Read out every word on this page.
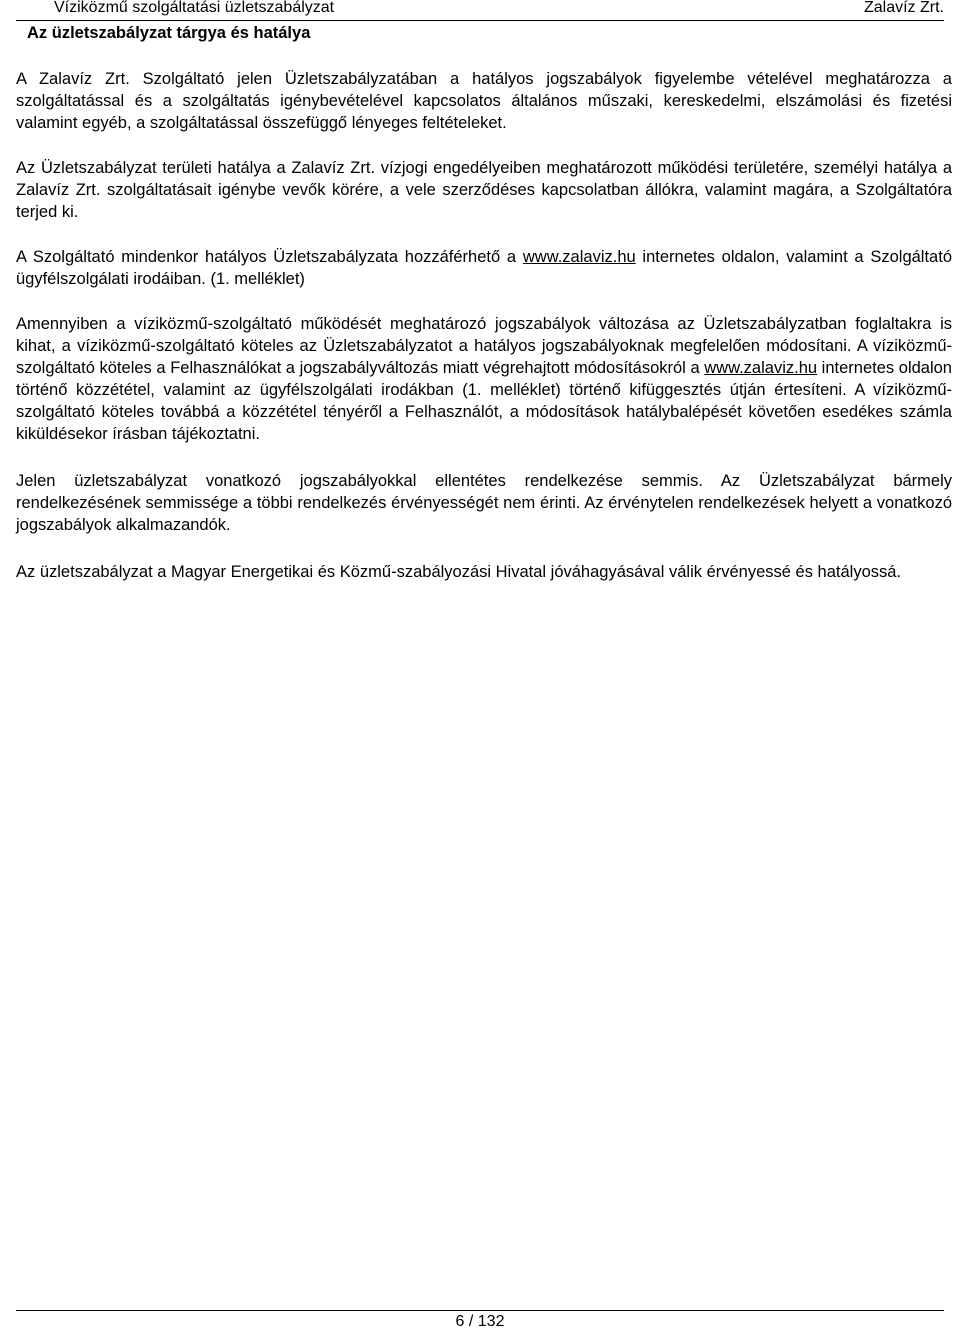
Víziközmű szolgáltatási üzletszabályzat	Zalavíz Zrt.
Az üzletszabályzat tárgya és hatálya

A Zalavíz Zrt. Szolgáltató jelen Üzletszabályzatában a hatályos jogszabályok figyelembe vételével meghatározza a szolgáltatással és a szolgáltatás igénybevételével kapcsolatos általános műszaki, kereskedelmi, elszámolási és fizetési valamint egyéb, a szolgáltatással összefüggő lényeges feltételeket.

Az Üzletszabályzat területi hatálya a Zalavíz Zrt. vízjogi engedélyeiben meghatározott működési területére, személyi hatálya a Zalavíz Zrt. szolgáltatásait igénybe vevők körére, a vele szerződéses kapcsolatban állókra, valamint magára, a Szolgáltatóra terjed ki.

A Szolgáltató mindenkor hatályos Üzletszabályzata hozzáférhető a www.zalaviz.hu internetes oldalon, valamint a Szolgáltató ügyfélszolgálati irodáiban. (1. melléklet)

Amennyiben a víziközmű-szolgáltató működését meghatározó jogszabályok változása az Üzletszabályzatban foglaltakra is kihat, a víziközmű-szolgáltató köteles az Üzletszabályzatot a hatályos jogszabályoknak megfelelően módosítani. A víziközmű-szolgáltató köteles a Felhasználókat a jogszabályváltozás miatt végrehajtott módosításokról a www.zalaviz.hu internetes oldalon történő közzététel, valamint az ügyfélszolgálati irodákban (1. melléklet) történő kifüggesztés útján értesíteni. A víziközmű-szolgáltató köteles továbbá a közzététel tényéről a Felhasználót, a módosítások hatálybalépését követően esedékes számla kiküldésekor írásban tájékoztatni.

Jelen üzletszabályzat vonatkozó jogszabályokkal ellentétes rendelkezése semmis. Az Üzletszabályzat bármely rendelkezésének semmissége a többi rendelkezés érvényességét nem érinti. Az érvénytelen rendelkezések helyett a vonatkozó jogszabályok alkalmazandók.

Az üzletszabályzat a Magyar Energetikai és Közmű-szabályozási Hivatal jóváhagyásával válik érvényessé és hatályossá.

6 / 132
